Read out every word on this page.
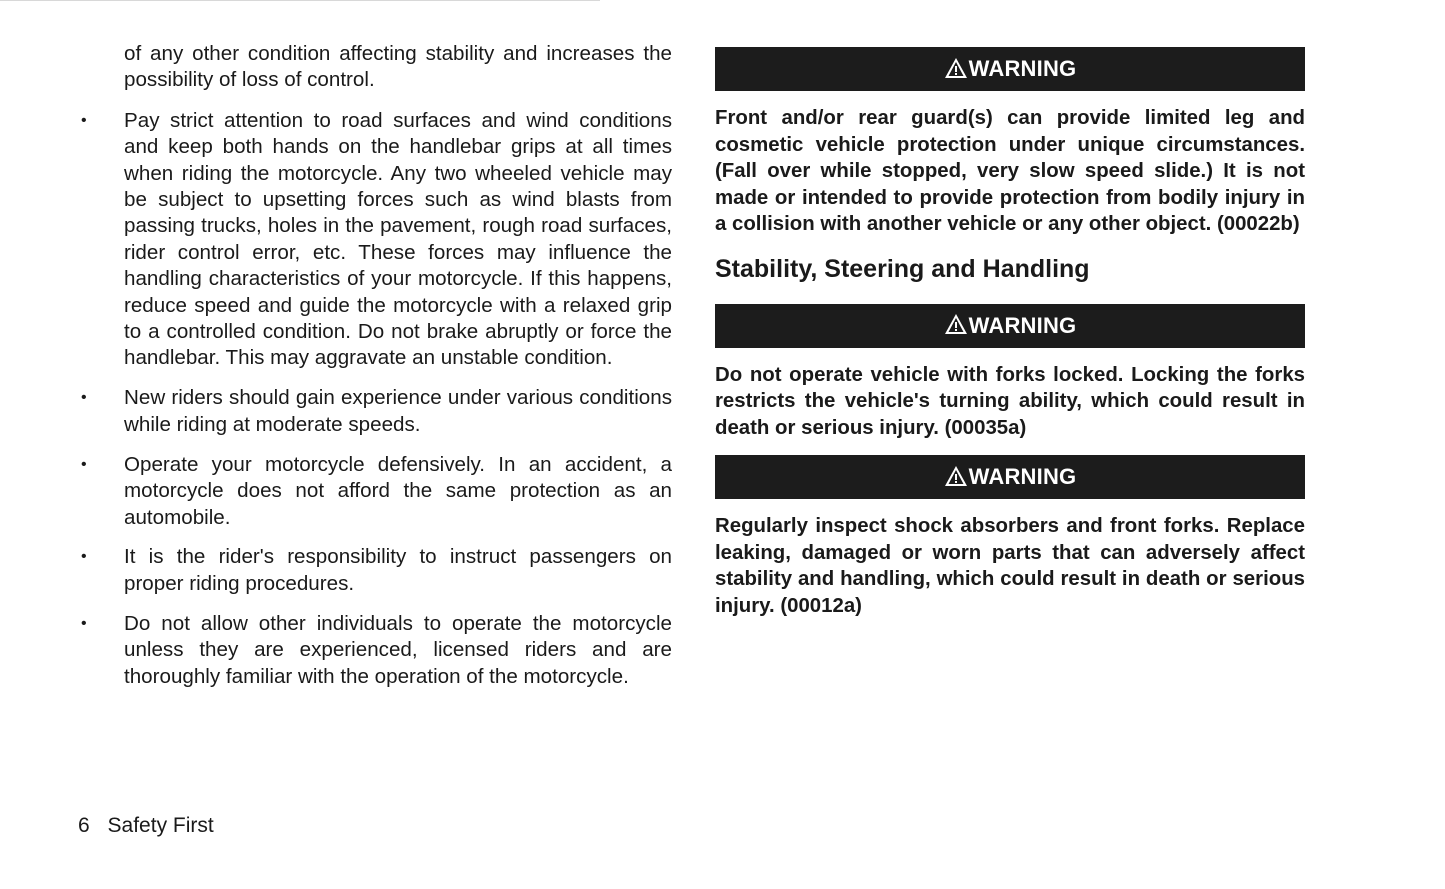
of any other condition affecting stability and increases the possibility of loss of control.

• Pay strict attention to road surfaces and wind conditions and keep both hands on the handlebar grips at all times when riding the motorcycle. Any two wheeled vehicle may be subject to upsetting forces such as wind blasts from passing trucks, holes in the pavement, rough road surfaces, rider control error, etc. These forces may influence the handling characteristics of your motorcycle. If this happens, reduce speed and guide the motorcycle with a relaxed grip to a controlled condition. Do not brake abruptly or force the handlebar. This may aggravate an unstable condition.
• New riders should gain experience under various conditions while riding at moderate speeds.
• Operate your motorcycle defensively. In an accident, a motorcycle does not afford the same protection as an automobile.
• It is the rider's responsibility to instruct passengers on proper riding procedures.
• Do not allow other individuals to operate the motorcycle unless they are experienced, licensed riders and are thoroughly familiar with the operation of the motorcycle.
6 Safety First
WARNING

Front and/or rear guard(s) can provide limited leg and cosmetic vehicle protection under unique circumstances. (Fall over while stopped, very slow speed slide.) It is not made or intended to provide protection from bodily injury in a collision with another vehicle or any other object. (00022b)

Stability, Steering and Handling
WARNING

Do not operate vehicle with forks locked. Locking the forks restricts the vehicle's turning ability, which could result in death or serious injury. (00035a)

WARNING

Regularly inspect shock absorbers and front forks. Replace leaking, damaged or worn parts that can adversely affect stability and handling, which could result in death or serious injury. (00012a)
